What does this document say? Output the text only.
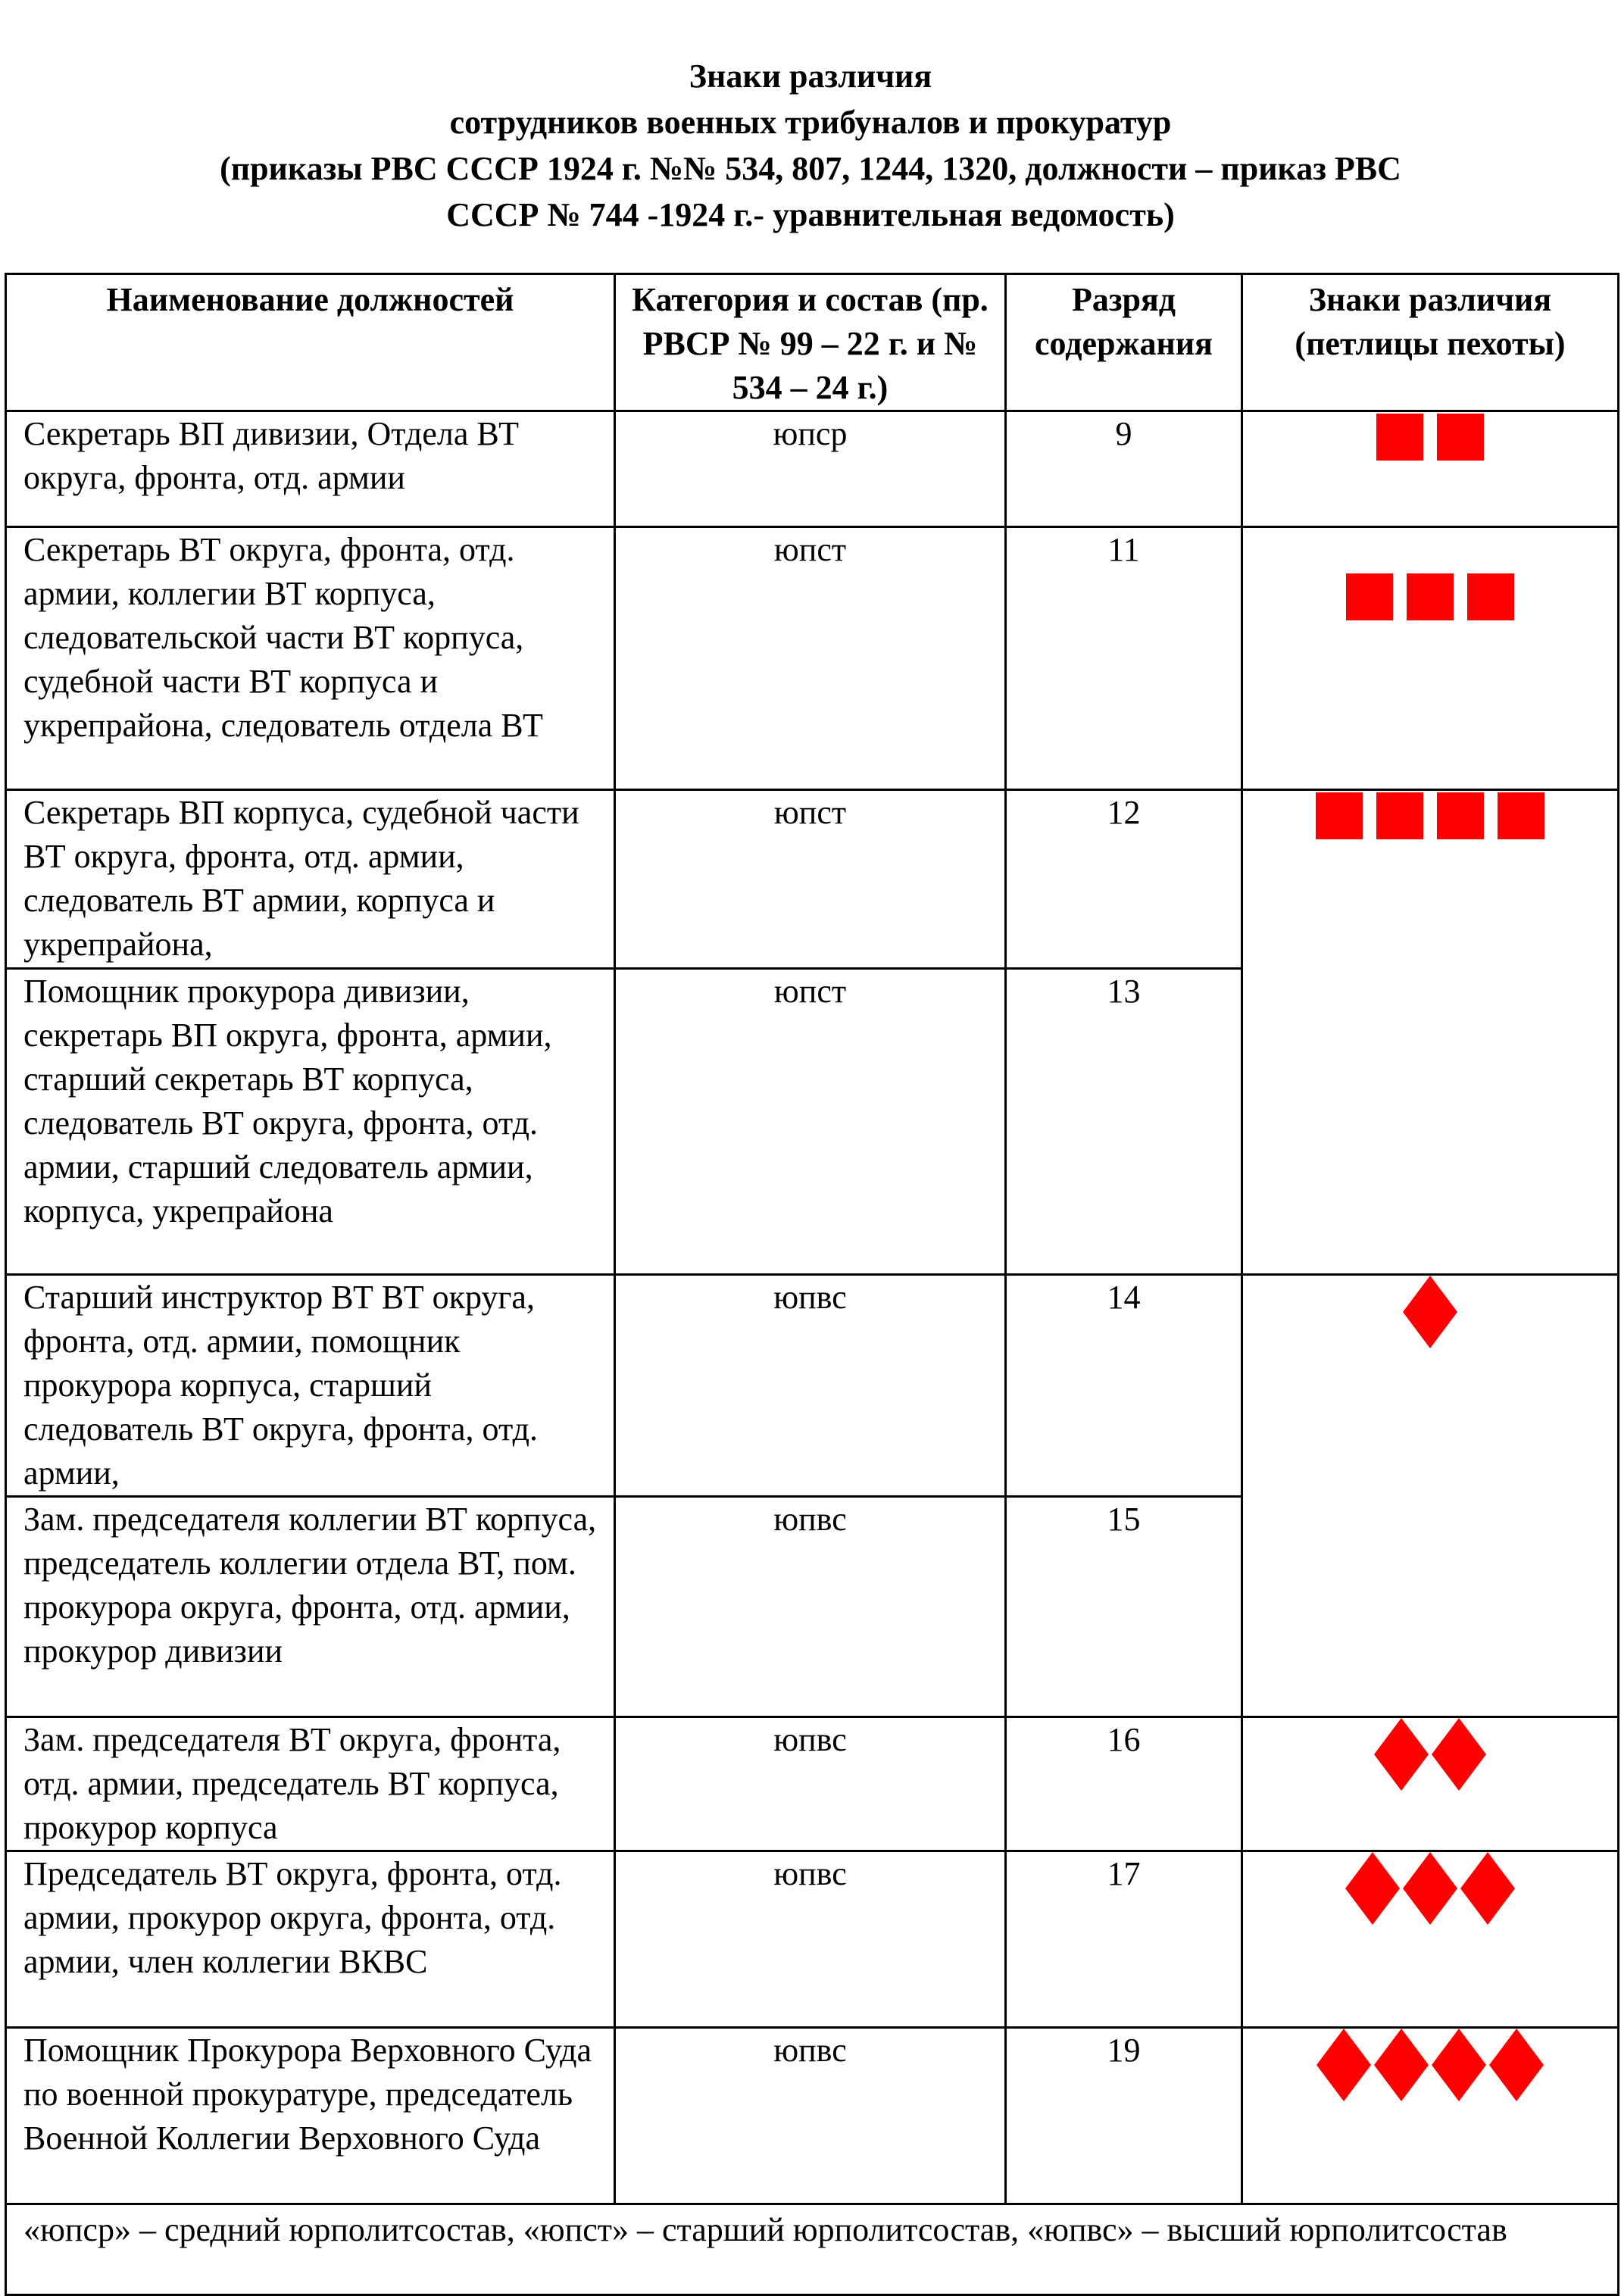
Знаки различия
сотрудников военных трибуналов и прокуратур
(приказы РВС СССР 1924 г. №№ 534, 807, 1244, 1320, должности – приказ РВС
СССР № 744 -1924 г.- уравнительная ведомость)
Наименование должностей	Категория и состав (пр. РВСР № 99 – 22 г. и № 534 – 24 г.)	Разряд содержания	Знаки различия (петлицы пехоты)
Секретарь ВП дивизии, Отдела ВТ округа, фронта, отд. армии	юпср	9	
Секретарь ВТ округа, фронта, отд. армии, коллегии ВТ корпуса, следовательской части ВТ корпуса, судебной части ВТ корпуса и укрепрайона, следователь отдела ВТ	юпст	11	
Секретарь ВП корпуса, судебной части ВТ округа, фронта, отд. армии, следователь ВТ армии, корпуса и укрепрайона,	юпст	12	
Помощник прокурора дивизии, секретарь ВП округа, фронта, армии, старший секретарь ВТ корпуса, следователь ВТ округа, фронта, отд. армии, старший следователь армии, корпуса, укрепрайона	юпст	13	
Старший инструктор ВТ ВТ округа, фронта, отд. армии, помощник прокурора корпуса, старший следователь ВТ округа, фронта, отд. армии,	юпвс	14	

Зам. председателя коллегии ВТ корпуса, председатель коллегии отдела ВТ, пом. прокурора округа, фронта, отд. армии, прокурор дивизии	юпвс	15	
Зам. председателя ВТ округа, фронта, отд. армии, председатель ВТ корпуса, прокурор корпуса	юпвс	16	

Председатель ВТ округа, фронта, отд. армии, прокурор округа, фронта, отд. армии, член коллегии ВКВС	юпвс	17	

Помощник Прокурора Верховного Суда по военной прокуратуре, председатель Военной Коллегии Верховного Суда	юпвс	19	

«юпср» – средний юрполитсостав, «юпст» – старший юрполитсостав, «юпвс» – высший юрполитсостав			
